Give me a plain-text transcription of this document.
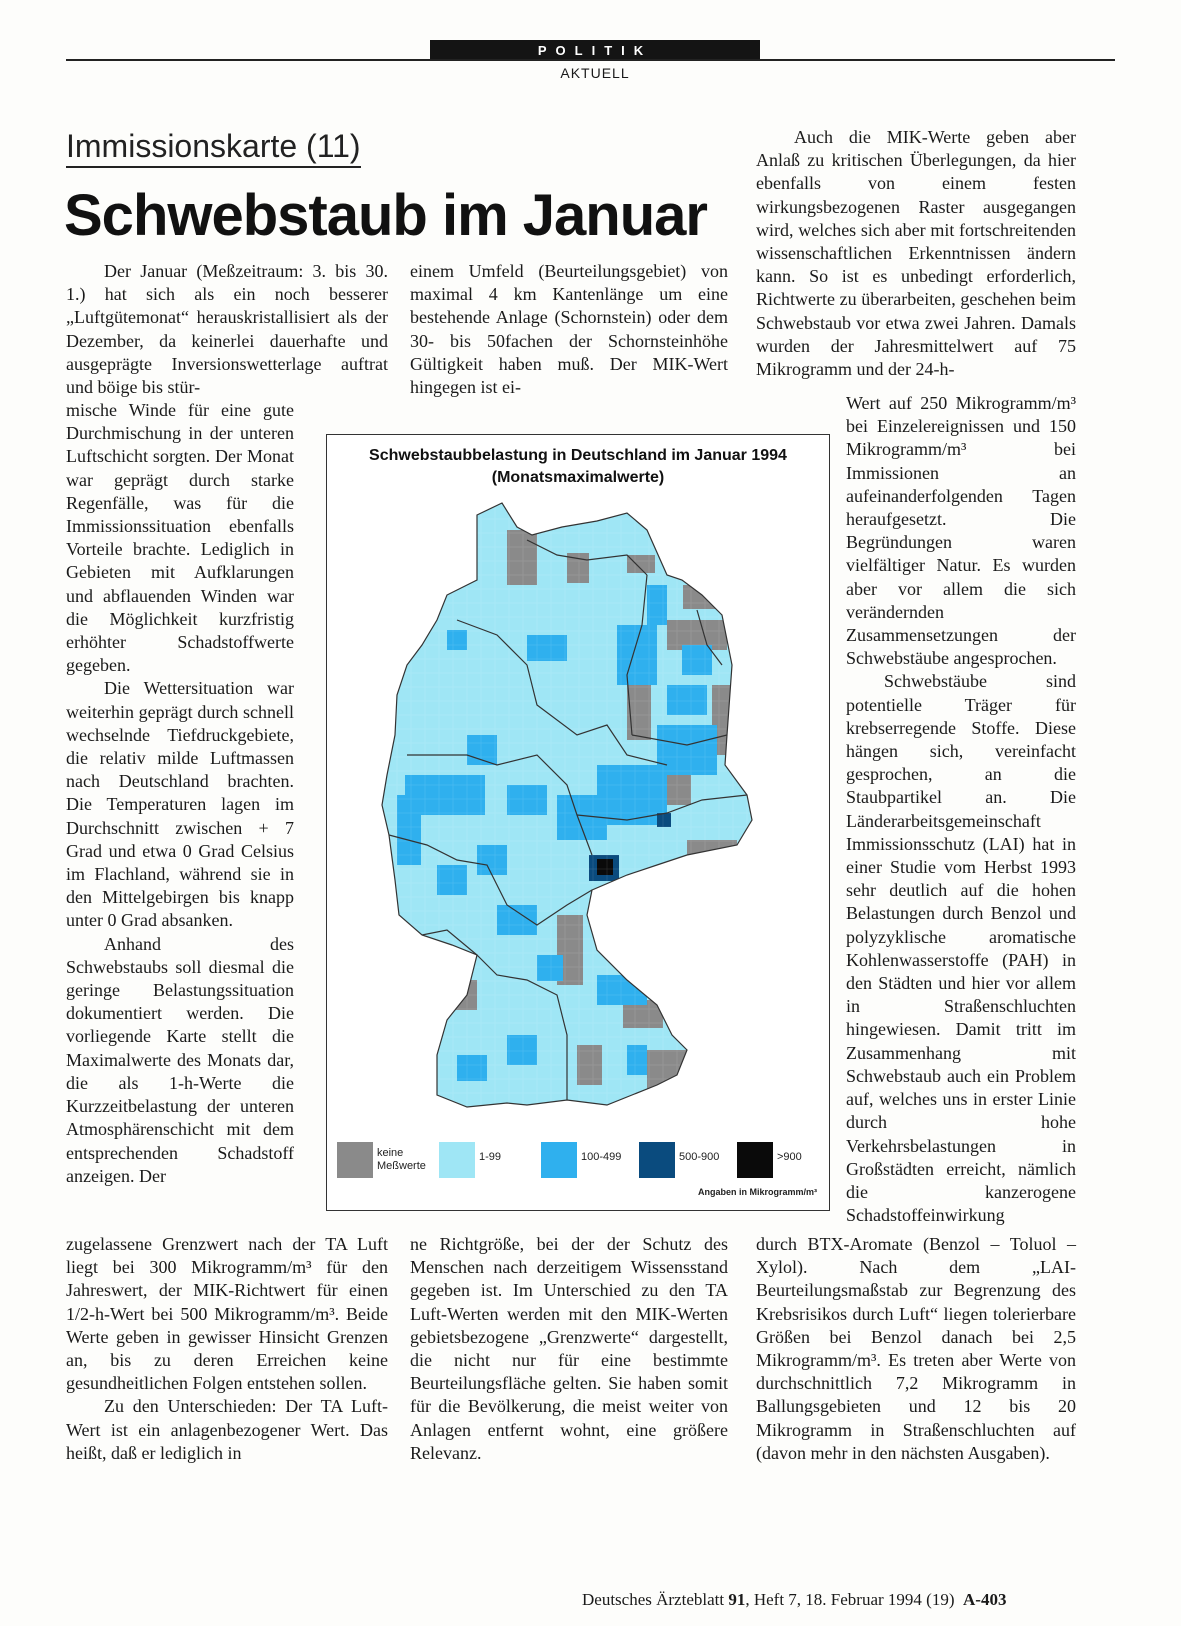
POLITIK
AKTUELL
Immissionskarte (11)
Schwebstaub im Januar

Der Januar (Meßzeitraum: 3. bis 30. 1.) hat sich als ein noch besserer „Luftgütemonat“ herauskristallisiert als der Dezember, da keinerlei dauerhafte und ausgeprägte Inversionswetterlage auftrat und böige bis stür-

mische Winde für eine gute Durchmischung in der unteren Luftschicht sorgten. Der Monat war geprägt durch starke Regenfälle, was für die Immissionssituation ebenfalls Vorteile brachte. Lediglich in Gebieten mit Aufklarungen und abflauenden Winden war die Möglichkeit kurzfristig erhöhter Schadstoffwerte gegeben.

Die Wettersituation war weiterhin geprägt durch schnell wechselnde Tiefdruckgebiete, die relativ milde Luftmassen nach Deutschland brachten. Die Temperaturen lagen im Durchschnitt zwischen + 7 Grad und etwa 0 Grad Celsius im Flachland, während sie in den Mittelgebirgen bis knapp unter 0 Grad absanken.

Anhand des Schwebstaubs soll diesmal die geringe Belastungssituation dokumentiert werden. Die vorliegende Karte stellt die Maximalwerte des Monats dar, die als 1-h-Werte die Kurzzeitbelastung der unteren Atmosphärenschicht mit dem entsprechenden Schadstoff anzeigen. Der

zugelassene Grenzwert nach der TA Luft liegt bei 300 Mikrogramm/m³ für den Jahreswert, der MIK-Richtwert für einen 1/2-h-Wert bei 500 Mikrogramm/m³. Beide Werte geben in gewisser Hinsicht Grenzen an, bis zu deren Erreichen keine gesundheitlichen Folgen entstehen sollen.

Zu den Unterschieden: Der TA Luft-Wert ist ein anlagenbezogener Wert. Das heißt, daß er lediglich in

einem Umfeld (Beurteilungsgebiet) von maximal 4 km Kantenlänge um eine bestehende Anlage (Schornstein) oder dem 30- bis 50fachen der Schornsteinhöhe Gültigkeit haben muß. Der MIK-Wert hingegen ist ei-

ne Richtgröße, bei der der Schutz des Menschen nach derzeitigem Wissensstand gegeben ist. Im Unterschied zu den TA Luft-Werten werden mit den MIK-Werten gebietsbezogene „Grenzwerte“ dargestellt, die nicht nur für eine bestimmte Beurteilungsfläche gelten. Sie haben somit für die Bevölkerung, die meist weiter von Anlagen entfernt wohnt, eine größere Relevanz.

Auch die MIK-Werte geben aber Anlaß zu kritischen Überlegungen, da hier ebenfalls von einem festen wirkungsbezogenen Raster ausgegangen wird, welches sich aber mit fortschreitenden wissenschaftlichen Erkenntnissen ändern kann. So ist es unbedingt erforderlich, Richtwerte zu überarbeiten, geschehen beim Schwebstaub vor etwa zwei Jahren. Damals wurden der Jahresmittelwert auf 75 Mikrogramm und der 24-h-

Wert auf 250 Mikrogramm/m³ bei Einzelereignissen und 150 Mikrogramm/m³ bei Immissionen an aufeinanderfolgenden Tagen heraufgesetzt. Die Begründungen waren vielfältiger Natur. Es wurden aber vor allem die sich verändernden Zusammensetzungen der Schwebstäube angesprochen.

Schwebstäube sind potentielle Träger für krebserregende Stoffe. Diese hängen sich, vereinfacht gesprochen, an die Staubpartikel an. Die Länderarbeitsgemeinschaft Immissionsschutz (LAI) hat in einer Studie vom Herbst 1993 sehr deutlich auf die hohen Belastungen durch Benzol und polyzyklische aromatische Kohlenwasserstoffe (PAH) in den Städten und hier vor allem in Straßenschluchten hingewiesen. Damit tritt im Zusammenhang mit Schwebstaub auch ein Problem auf, welches uns in erster Linie durch hohe Verkehrsbelastungen in Großstädten erreicht, nämlich die kanzerogene Schadstoffeinwirkung

durch BTX-Aromate (Benzol – Toluol – Xylol). Nach dem „LAI-Beurteilungsmaßstab zur Begrenzung des Krebsrisikos durch Luft“ liegen tolerierbare Größen bei Benzol danach bei 2,5 Mikrogramm/m³. Es treten aber Werte von durchschnittlich 7,2 Mikrogramm in Ballungsgebieten und 12 bis 20 Mikrogramm in Straßenschluchten auf (davon mehr in den nächsten Ausgaben).

Schwebstaubbelastung in Deutschland im Januar 1994
(Monatsmaximalwerte)
keine Meßwerte
1-99	100-499	500-900	>900
Angaben in Mikrogramm/m³
Deutsches Ärzteblatt 91, Heft 7, 18. Februar 1994 (19) A-403
